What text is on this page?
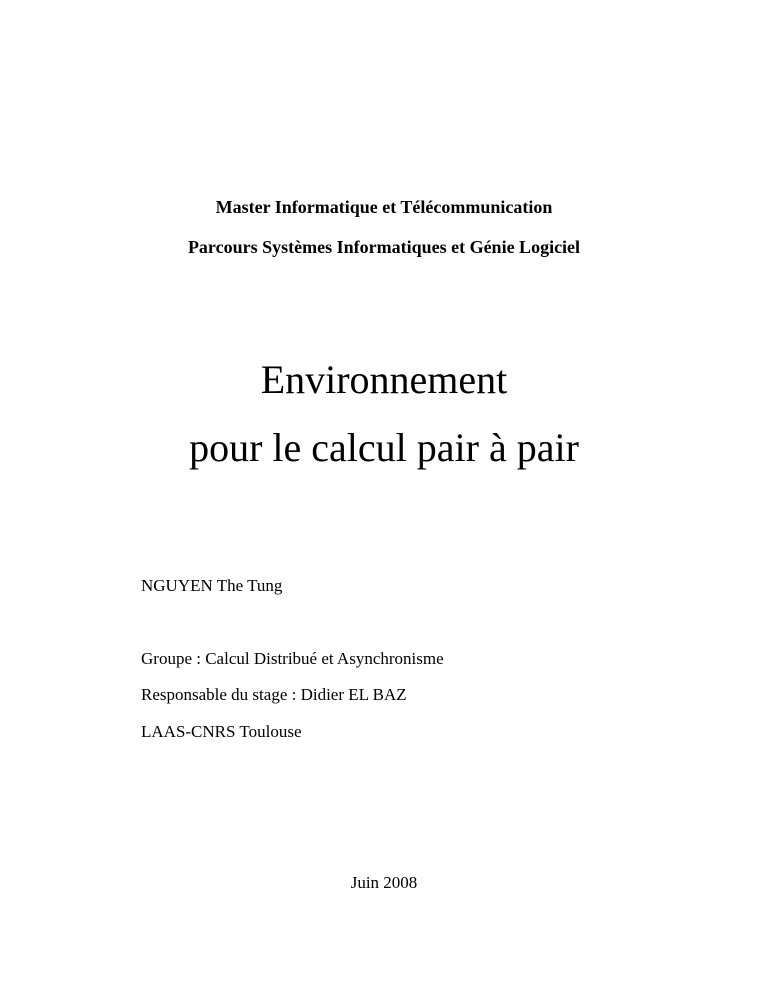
Master Informatique et Télécommunication
Parcours Systèmes Informatiques et Génie Logiciel
Environnement
pour le calcul pair à pair
NGUYEN The Tung
Groupe : Calcul Distribué et Asynchronisme
Responsable du stage : Didier EL BAZ
LAAS-CNRS Toulouse
Juin 2008
